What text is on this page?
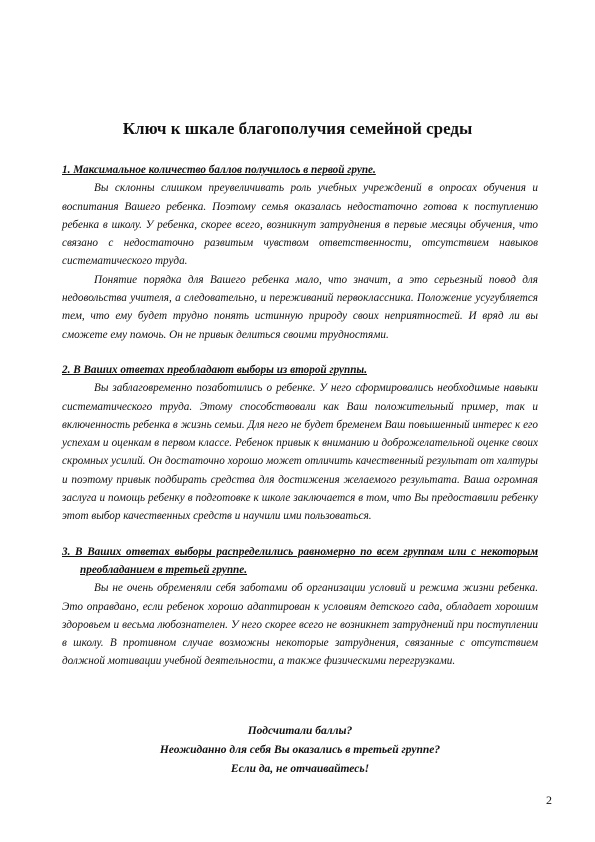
Ключ к шкале благополучия семейной среды

1. Максимальное количество баллов получилось в первой групе.

Вы склонны слишком преувеличивать роль учебных учреждений в опросах обучения и воспитания Вашего ребенка. Поэтому семья оказалась недостаточно готова к поступлению ребенка в школу. У ребенка, скорее всего, возникнут затруднения в первые месяцы обучения, что связано с недостаточно развитым чувством ответственности, отсутствием навыков систематического труда.

Понятие порядка для Вашего ребенка мало, что значит, а это серьезный повод для недовольства учителя, а следовательно, и переживаний первоклассника. Положение усугубляется тем, что ему будет трудно понять истинную природу своих неприятностей. И вряд ли вы сможете ему помочь. Он не привык делиться своими трудностями.

2. В Ваших ответах преобладают выборы из второй группы.

Вы заблаговременно позаботились о ребенке. У него сформировались необходимые навыки систематического труда. Этому способствовали как Ваш положительный пример, так и включенность ребенка в жизнь семьи. Для него не будет бременем Ваш повышенный интерес к его успехам и оценкам в первом классе. Ребенок привык к вниманию и доброжелательной оценке своих скромных усилий. Он достаточно хорошо может отличить качественный результат от халтуры и поэтому привык подбирать средства для достижения желаемого результата. Ваша огромная заслуга и помощь ребенку в подготовке к школе заключается в том, что Вы предоставили ребенку этот выбор качественных средств и научили ими пользоваться.

3. В Ваших ответах выборы распределились равномерно по всем группам или с некоторым преобладанием в третьей группе.

Вы не очень обременяли себя заботами об организации условий и режима жизни ребенка. Это оправдано, если ребенок хорошо адаптирован к условиям детского сада, обладает хорошим здоровьем и весьма любознателен. У него скорее всего не возникнет затруднений при поступлении в школу. В противном случае возможны некоторые затруднения, связанные с отсутствием должной мотивации учебной деятельности, а также физическими перегрузками.

Подсчитали баллы?
Неожиданно для себя Вы оказались в третьей группе?
Если да, не отчаивайтесь!
2
